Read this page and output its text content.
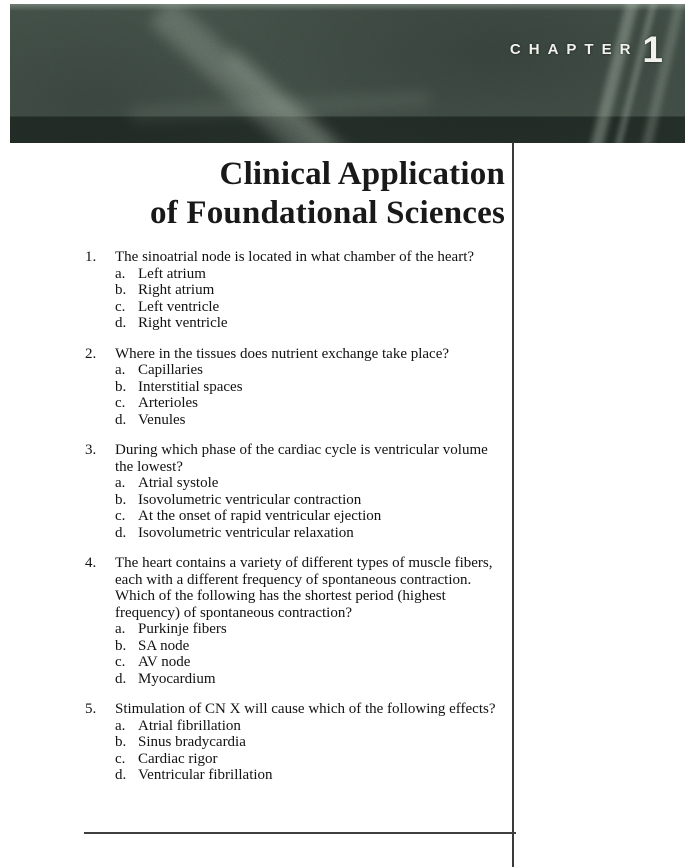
CHAPTER 1
Clinical Application
of Foundational Sciences
1.	The sinoatrial node is located in what chamber of the heart?
a. Left atrium
b. Right atrium
c. Left ventricle
d. Right ventricle
2.	Where in the tissues does nutrient exchange take place?
a. Capillaries
b. Interstitial spaces
c. Arterioles
d. Venules
3.	During which phase of the cardiac cycle is ventricular volume the lowest?
a. Atrial systole
b. Isovolumetric ventricular contraction
c. At the onset of rapid ventricular ejection
d. Isovolumetric ventricular relaxation
4.	The heart contains a variety of different types of muscle fibers, each with a different frequency of spontaneous contraction. Which of the following has the shortest period (highest frequency) of spontaneous contraction?
a. Purkinje fibers
b. SA node
c. AV node
d. Myocardium
5.	Stimulation of CN X will cause which of the following effects?
a. Atrial fibrillation
b. Sinus bradycardia
c. Cardiac rigor
d. Ventricular fibrillation
